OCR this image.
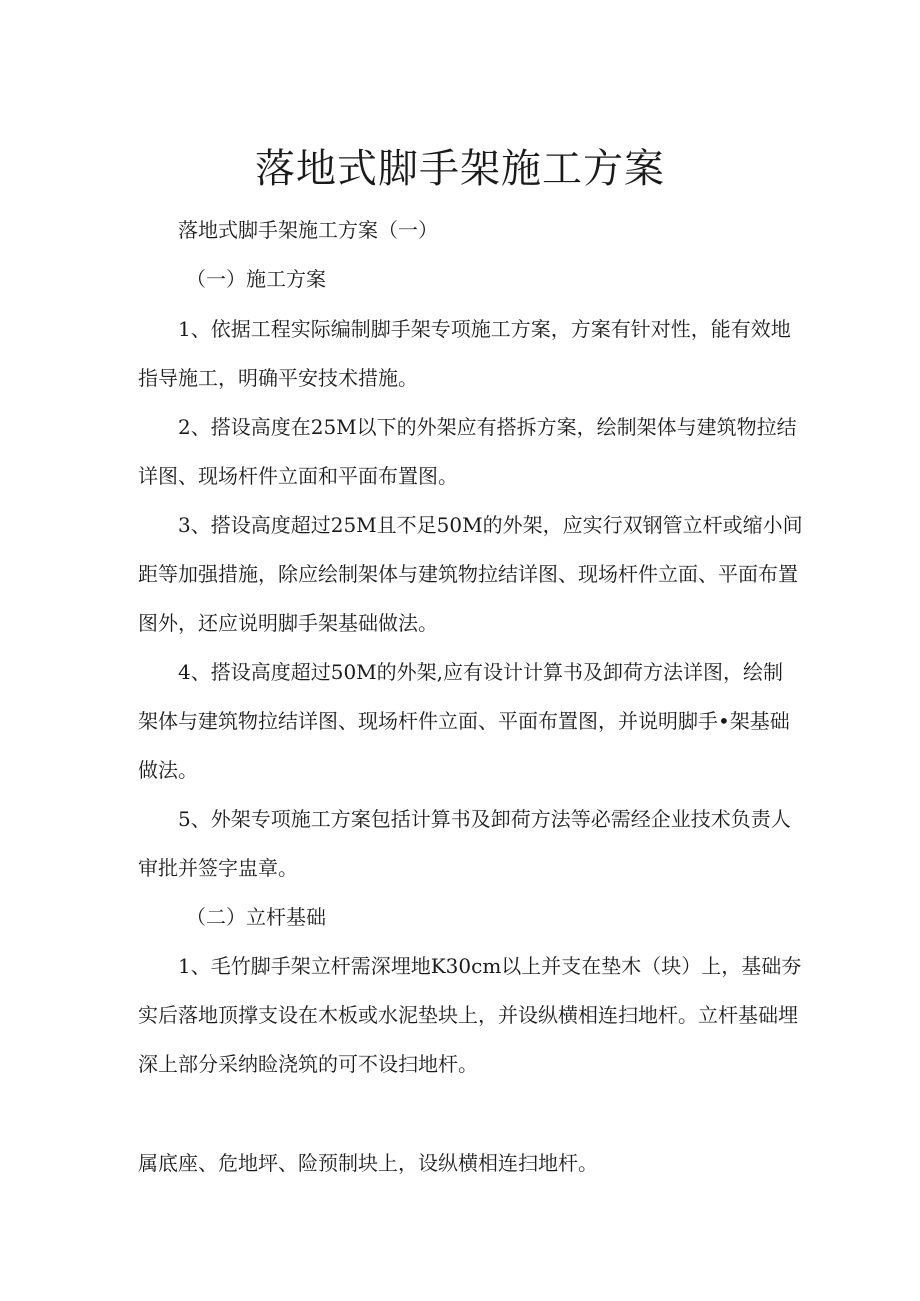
落地式脚手架施工方案

落地式脚手架施工方案（一）

（一）施工方案

1、依据工程实际编制脚手架专项施工方案，方案有针对性，能有效地

指导施工，明确平安技术措施。

2、搭设高度在25M以下的外架应有搭拆方案，绘制架体与建筑物拉结

详图、现场杆件立面和平面布置图。

3、搭设高度超过25M且不足50M的外架，应实行双钢管立杆或缩小间

距等加强措施，除应绘制架体与建筑物拉结详图、现场杆件立面、平面布置

图外，还应说明脚手架基础做法。

4、搭设高度超过50M的外架,应有设计计算书及卸荷方法详图，绘制

架体与建筑物拉结详图、现场杆件立面、平面布置图，并说明脚手•架基础

做法。

5、外架专项施工方案包括计算书及卸荷方法等必需经企业技术负责人

审批并签字盅章。

（二）立杆基础

1、毛竹脚手架立杆需深埋地K30cm以上并支在垫木（块）上，基础夯

实后落地顶撑支设在木板或水泥垫块上，并设纵横相连扫地杆。立杆基础埋

深上部分采纳睑浇筑的可不设扫地杆。

属底座、危地坪、险预制块上，设纵横相连扫地杆。
